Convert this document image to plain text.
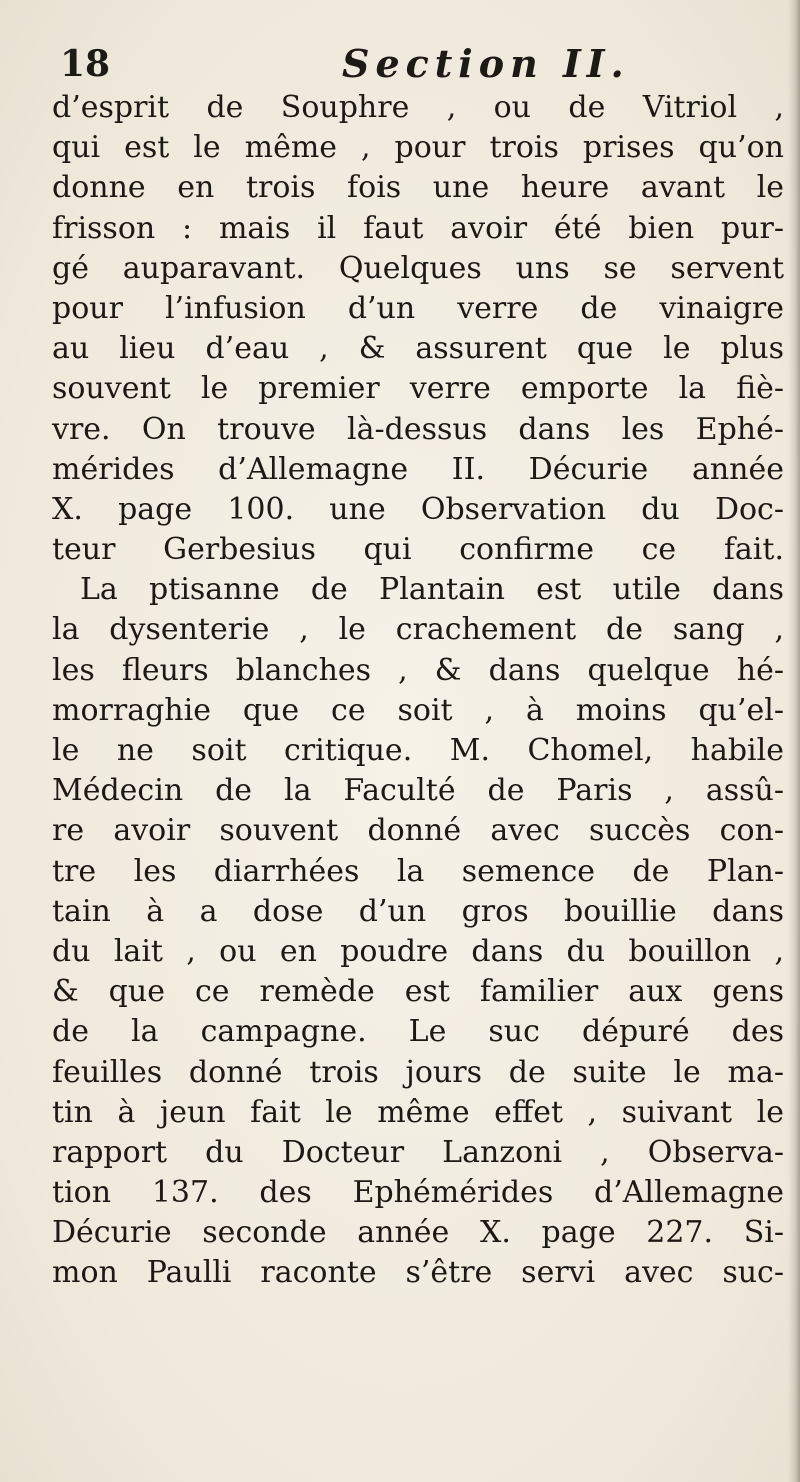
18	Section II.
d’esprit de Souphre , ou de Vitriol ,
qui est le même , pour trois prises qu’on
donne en trois fois une heure avant le
frisson : mais il faut avoir été bien pur-
gé auparavant. Quelques uns se servent
pour l’infusion d’un verre de vinaigre
au lieu d’eau , & assurent que le plus
souvent le premier verre emporte la fiè-
vre. On trouve là-dessus dans les Ephé-
mérides d’Allemagne II. Décurie année
X. page 100. une Observation du Doc-
teur Gerbesius qui confirme ce fait.
La ptisanne de Plantain est utile dans
la dysenterie , le crachement de sang ,
les fleurs blanches , & dans quelque hé-
morraghie que ce soit , à moins qu’el-
le ne soit critique. M. Chomel, habile
Médecin de la Faculté de Paris , assû-
re avoir souvent donné avec succès con-
tre les diarrhées la semence de Plan-
tain à a dose d’un gros bouillie dans
du lait , ou en poudre dans du bouillon ,
& que ce remède est familier aux gens
de la campagne. Le suc dépuré des
feuilles donné trois jours de suite le ma-
tin à jeun fait le même effet , suivant le
rapport du Docteur Lanzoni , Observa-
tion 137. des Ephémérides d’Allemagne
Décurie seconde année X. page 227. Si-
mon Paulli raconte s’être servi avec suc-
